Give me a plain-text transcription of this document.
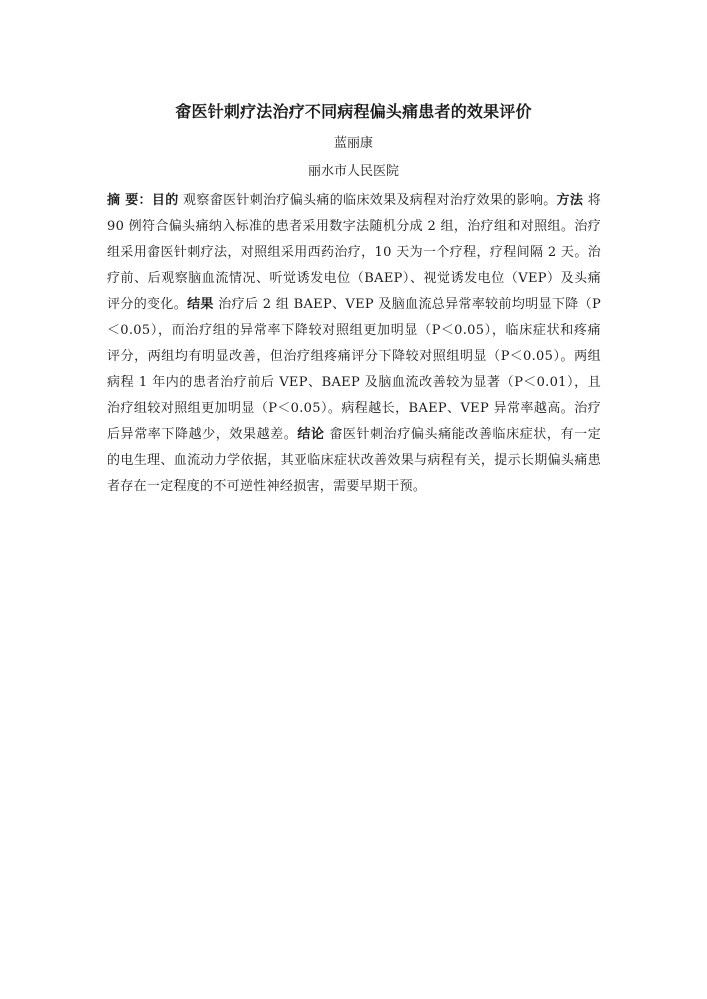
畲医针刺疗法治疗不同病程偏头痛患者的效果评价
蓝丽康
丽水市人民医院
摘 要：目的 观察畲医针刺治疗偏头痛的临床效果及病程对治疗效果的影响。方法 将 90 例符合偏头痛纳入标准的患者采用数字法随机分成 2 组，治疗组和对照组。治疗组采用畲医针刺疗法，对照组采用西药治疗，10 天为一个疗程，疗程间隔 2 天。治疗前、后观察脑血流情况、听觉诱发电位（BAEP）、视觉诱发电位（VEP）及头痛评分的变化。结果 治疗后 2 组 BAEP、VEP 及脑血流总异常率较前均明显下降（P＜0.05），而治疗组的异常率下降较对照组更加明显（P＜0.05），临床症状和疼痛评分，两组均有明显改善，但治疗组疼痛评分下降较对照组明显（P＜0.05）。两组病程 1 年内的患者治疗前后 VEP、BAEP 及脑血流改善较为显著（P＜0.01），且治疗组较对照组更加明显（P＜0.05）。病程越长，BAEP、VEP 异常率越高。治疗后异常率下降越少，效果越差。结论 畲医针刺治疗偏头痛能改善临床症状，有一定的电生理、血流动力学依据，其亚临床症状改善效果与病程有关，提示长期偏头痛患者存在一定程度的不可逆性神经损害，需要早期干预。
